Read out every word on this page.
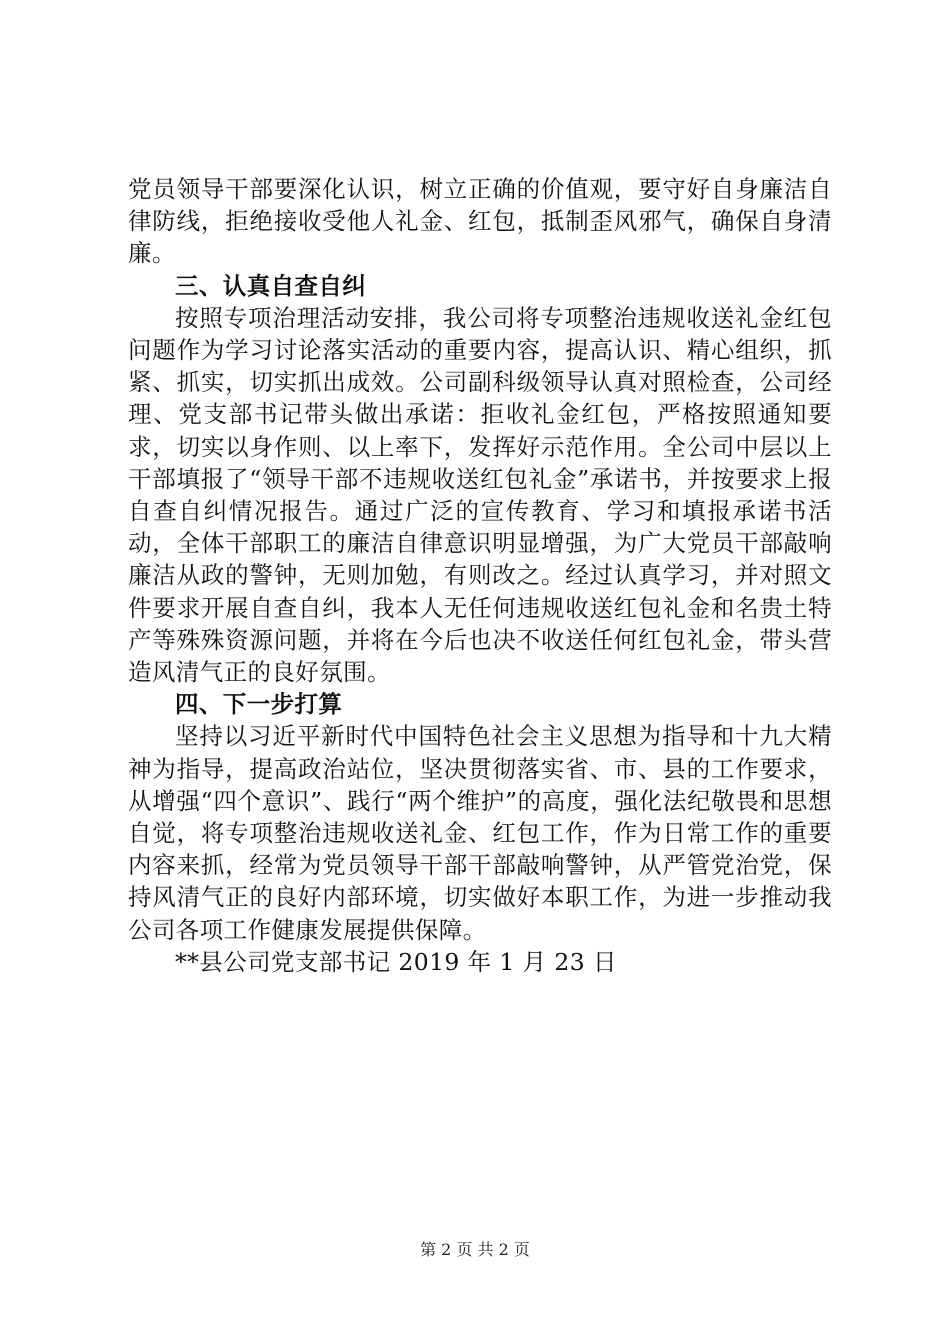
党员领导干部要深化认识，树立正确的价值观，要守好自身廉洁自律防线，拒绝接收受他人礼金、红包，抵制歪风邪气，确保自身清廉。

三、认真自查自纠

按照专项治理活动安排，我公司将专项整治违规收送礼金红包问题作为学习讨论落实活动的重要内容，提高认识、精心组织，抓紧、抓实，切实抓出成效。公司副科级领导认真对照检查，公司经理、党支部书记带头做出承诺：拒收礼金红包，严格按照通知要求，切实以身作则、以上率下，发挥好示范作用。全公司中层以上干部填报了“领导干部不违规收送红包礼金”承诺书，并按要求上报自查自纠情况报告。通过广泛的宣传教育、学习和填报承诺书活动，全体干部职工的廉洁自律意识明显增强，为广大党员干部敲响廉洁从政的警钟，无则加勉，有则改之。经过认真学习，并对照文件要求开展自查自纠，我本人无任何违规收送红包礼金和名贵土特产等殊殊资源问题，并将在今后也决不收送任何红包礼金，带头营造风清气正的良好氛围。

四、下一步打算

坚持以习近平新时代中国特色社会主义思想为指导和十九大精神为指导，提高政治站位，坚决贯彻落实省、市、县的工作要求，从增强“四个意识”、践行“两个维护”的高度，强化法纪敬畏和思想自觉，将专项整治违规收送礼金、红包工作，作为日常工作的重要内容来抓，经常为党员领导干部干部敲响警钟，从严管党治党，保持风清气正的良好内部环境，切实做好本职工作，为进一步推动我公司各项工作健康发展提供保障。

**县公司党支部书记 2019 年 1 月 23 日

第 2 页 共 2 页
